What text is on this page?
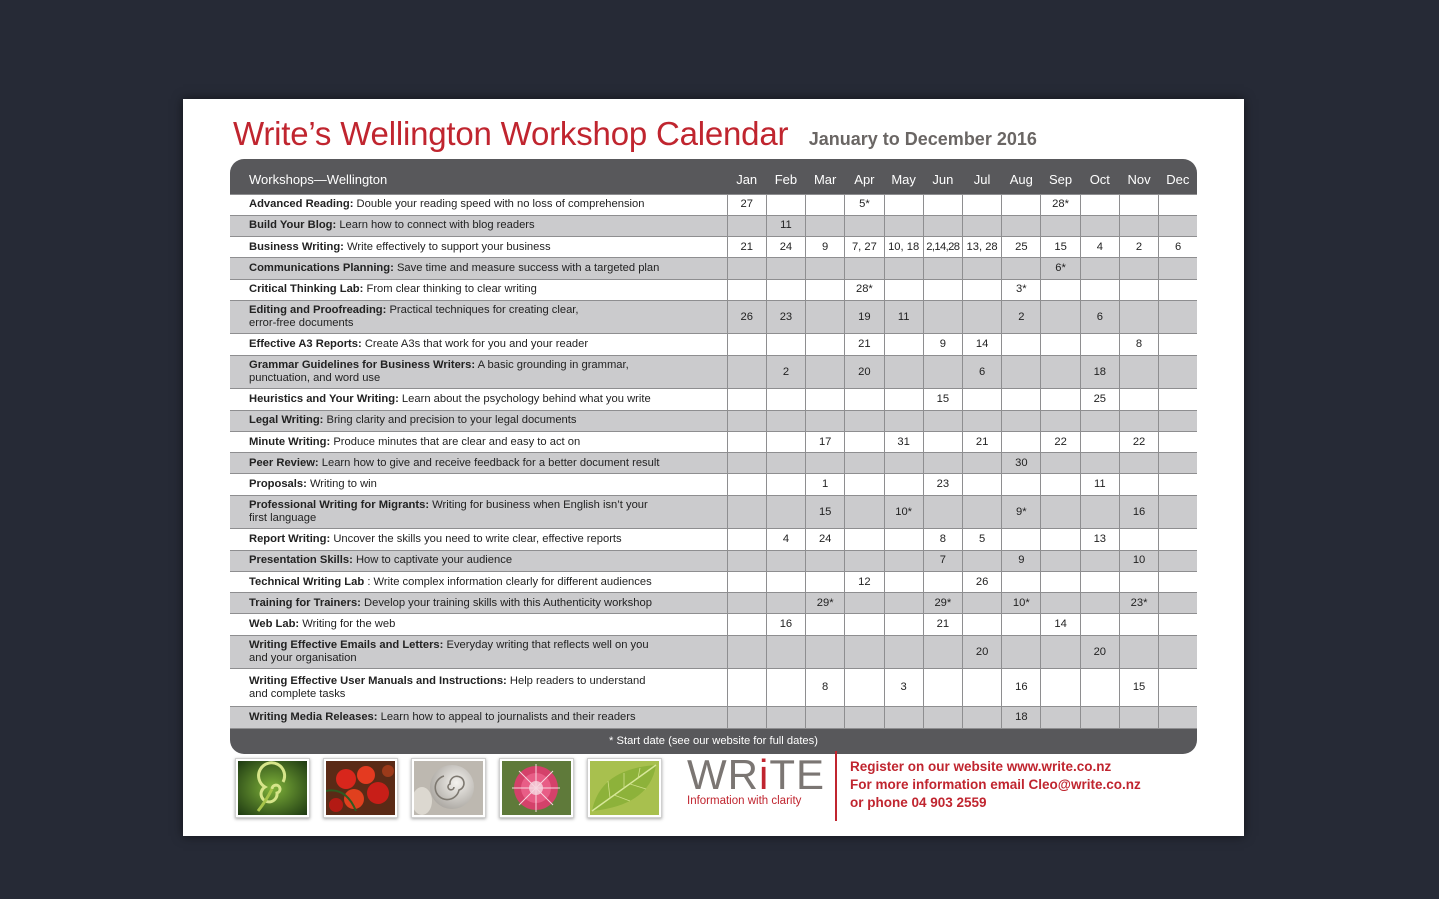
Write’s Wellington Workshop Calendar January to December 2016
Workshops—Wellington	Jan	Feb	Mar	Apr	May	Jun	Jul	Aug	Sep	Oct	Nov	Dec
Advanced Reading: Double your reading speed with no loss of comprehension	27			5*					28*			
Build Your Blog: Learn how to connect with blog readers		11										
Business Writing: Write effectively to support your business	21	24	9	7, 27	10, 18	2,14,28	13, 28	25	15	4	2	6
Communications Planning: Save time and measure success with a targeted plan									6*			
Critical Thinking Lab: From clear thinking to clear writing				28*				3*				
Editing and Proofreading: Practical techniques for creating clear,
error-free documents	26	23		19	11			2		6		
Effective A3 Reports: Create A3s that work for you and your reader				21		9	14				8	
Grammar Guidelines for Business Writers: A basic grounding in grammar,
punctuation, and word use		2		20			6			18		
Heuristics and Your Writing: Learn about the psychology behind what you write						15				25		
Legal Writing: Bring clarity and precision to your legal documents												
Minute Writing: Produce minutes that are clear and easy to act on			17		31		21		22		22	
Peer Review: Learn how to give and receive feedback for a better document result								30				
Proposals: Writing to win			1			23				11		
Professional Writing for Migrants: Writing for business when English isn’t your
first language			15		10*			9*			16	
Report Writing: Uncover the skills you need to write clear, effective reports		4	24			8	5			13		
Presentation Skills: How to captivate your audience						7		9			10	
Technical Writing Lab : Write complex information clearly for different audiences				12			26					
Training for Trainers: Develop your training skills with this Authenticity workshop			29*			29*		10*			23*	
Web Lab: Writing for the web		16				21			14			
Writing Effective Emails and Letters: Everyday writing that reflects well on you
and your organisation							20			20		
Writing Effective User Manuals and Instructions: Help readers to understand
and complete tasks			8		3			16			15	
Writing Media Releases: Learn how to appeal to journalists and their readers								18				
* Start date (see our website for full dates)												
WRiTE
Information with clarity
Register on our website www.write.co.nz
For more information email Cleo@write.co.nz
or phone 04 903 2559
